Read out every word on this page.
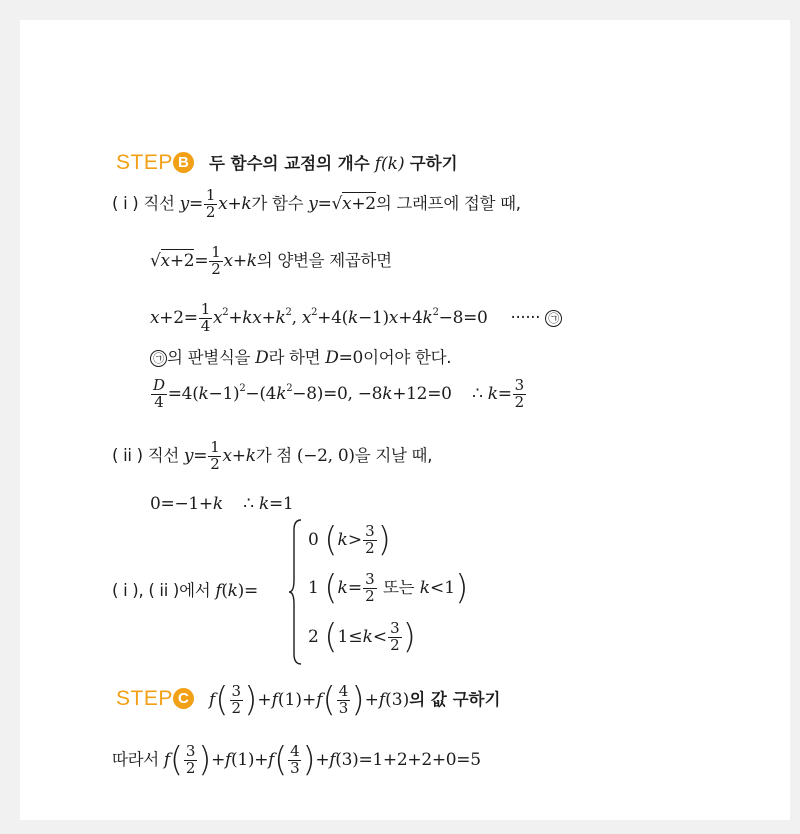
STEP B 두 함수의 교점의 개수 f(k) 구하기
( i ) 직선 $y= \frac{1}{2} x+k$가 함수 y=√x+2의 그래프에 접할 때,
$√x+2= \frac{1}{2} x+k$의 양변을 제곱하면
$x+2= \frac{1}{4} x^2+kx+k^2$, $x^2+4(k-1)x+4k^2-8=0$ ······ ㉠
㉠ 의 판별식을 D라 하면 D=0이어야 한다.
$\frac{D}{4} =4(k-1)^2-(4k^2-8)=0$, −8k+12=0    ∴ $k= \frac{3}{2}$
( ii ) 직선 $y= \frac{1}{2} x+k$가 점 (−2, 0)을 지날 때,
0=−1+k    ∴ k=1
( i ), ( ii )에서 f(k)=
0 ($k> \frac{3}{2}$ )
1 ($k= \frac{3}{2}$ 또는 k<1)
2 ($1\le k< \frac{3}{2}$ )
STEP C $f( \frac{3}{2} )+f(1)+f( \frac{4}{3} )+f(3)$의 값 구하기
따라서 $f( \frac{3}{2} )+f(1)+f( \frac{4}{3} )+f(3)=1+2+2+0=5$
